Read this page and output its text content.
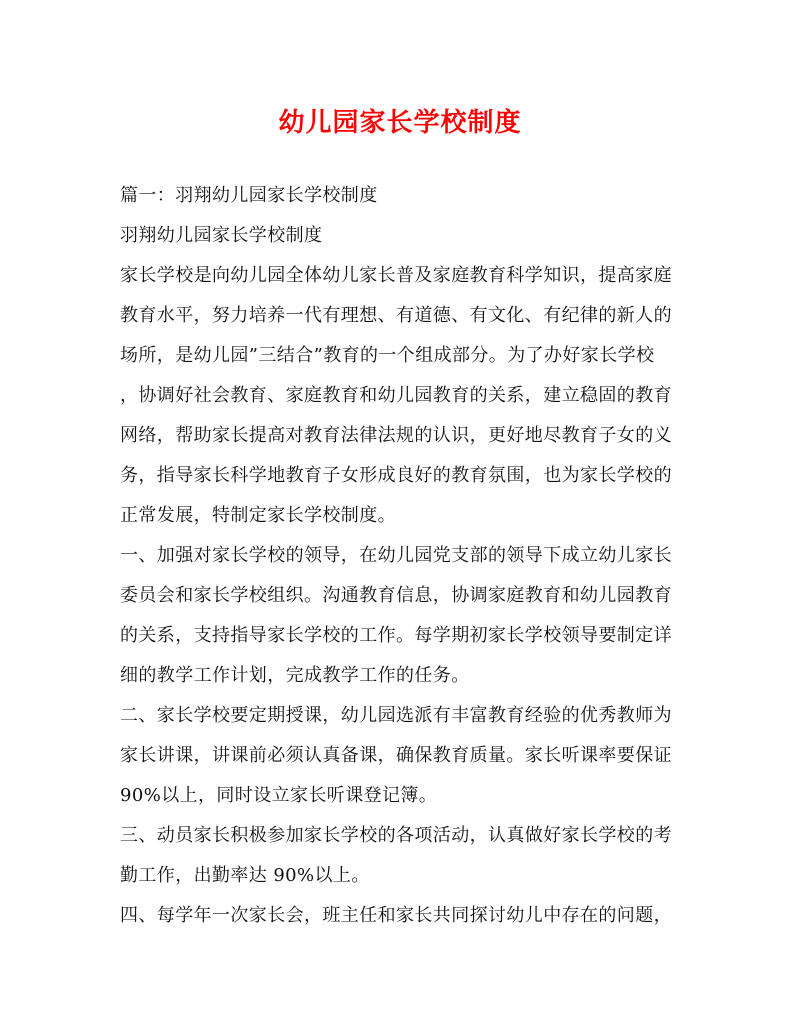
幼儿园家长学校制度
篇一：羽翔幼儿园家长学校制度
羽翔幼儿园家长学校制度
家长学校是向幼儿园全体幼儿家长普及家庭教育科学知识，提高家庭
教育水平，努力培养一代有理想、有道德、有文化、有纪律的新人的
场所，是幼儿园”三结合”教育的一个组成部分。为了办好家长学校
，协调好社会教育、家庭教育和幼儿园教育的关系，建立稳固的教育
网络，帮助家长提高对教育法律法规的认识，更好地尽教育子女的义
务，指导家长科学地教育子女形成良好的教育氛围，也为家长学校的
正常发展，特制定家长学校制度。
一、加强对家长学校的领导，在幼儿园党支部的领导下成立幼儿家长
委员会和家长学校组织。沟通教育信息，协调家庭教育和幼儿园教育
的关系，支持指导家长学校的工作。每学期初家长学校领导要制定详
细的教学工作计划，完成教学工作的任务。
二、家长学校要定期授课，幼儿园选派有丰富教育经验的优秀教师为
家长讲课，讲课前必须认真备课，确保教育质量。家长听课率要保证
90%以上，同时设立家长听课登记簿。
三、动员家长积极参加家长学校的各项活动，认真做好家长学校的考
勤工作，出勤率达 90%以上。
四、每学年一次家长会，班主任和家长共同探讨幼儿中存在的问题，
